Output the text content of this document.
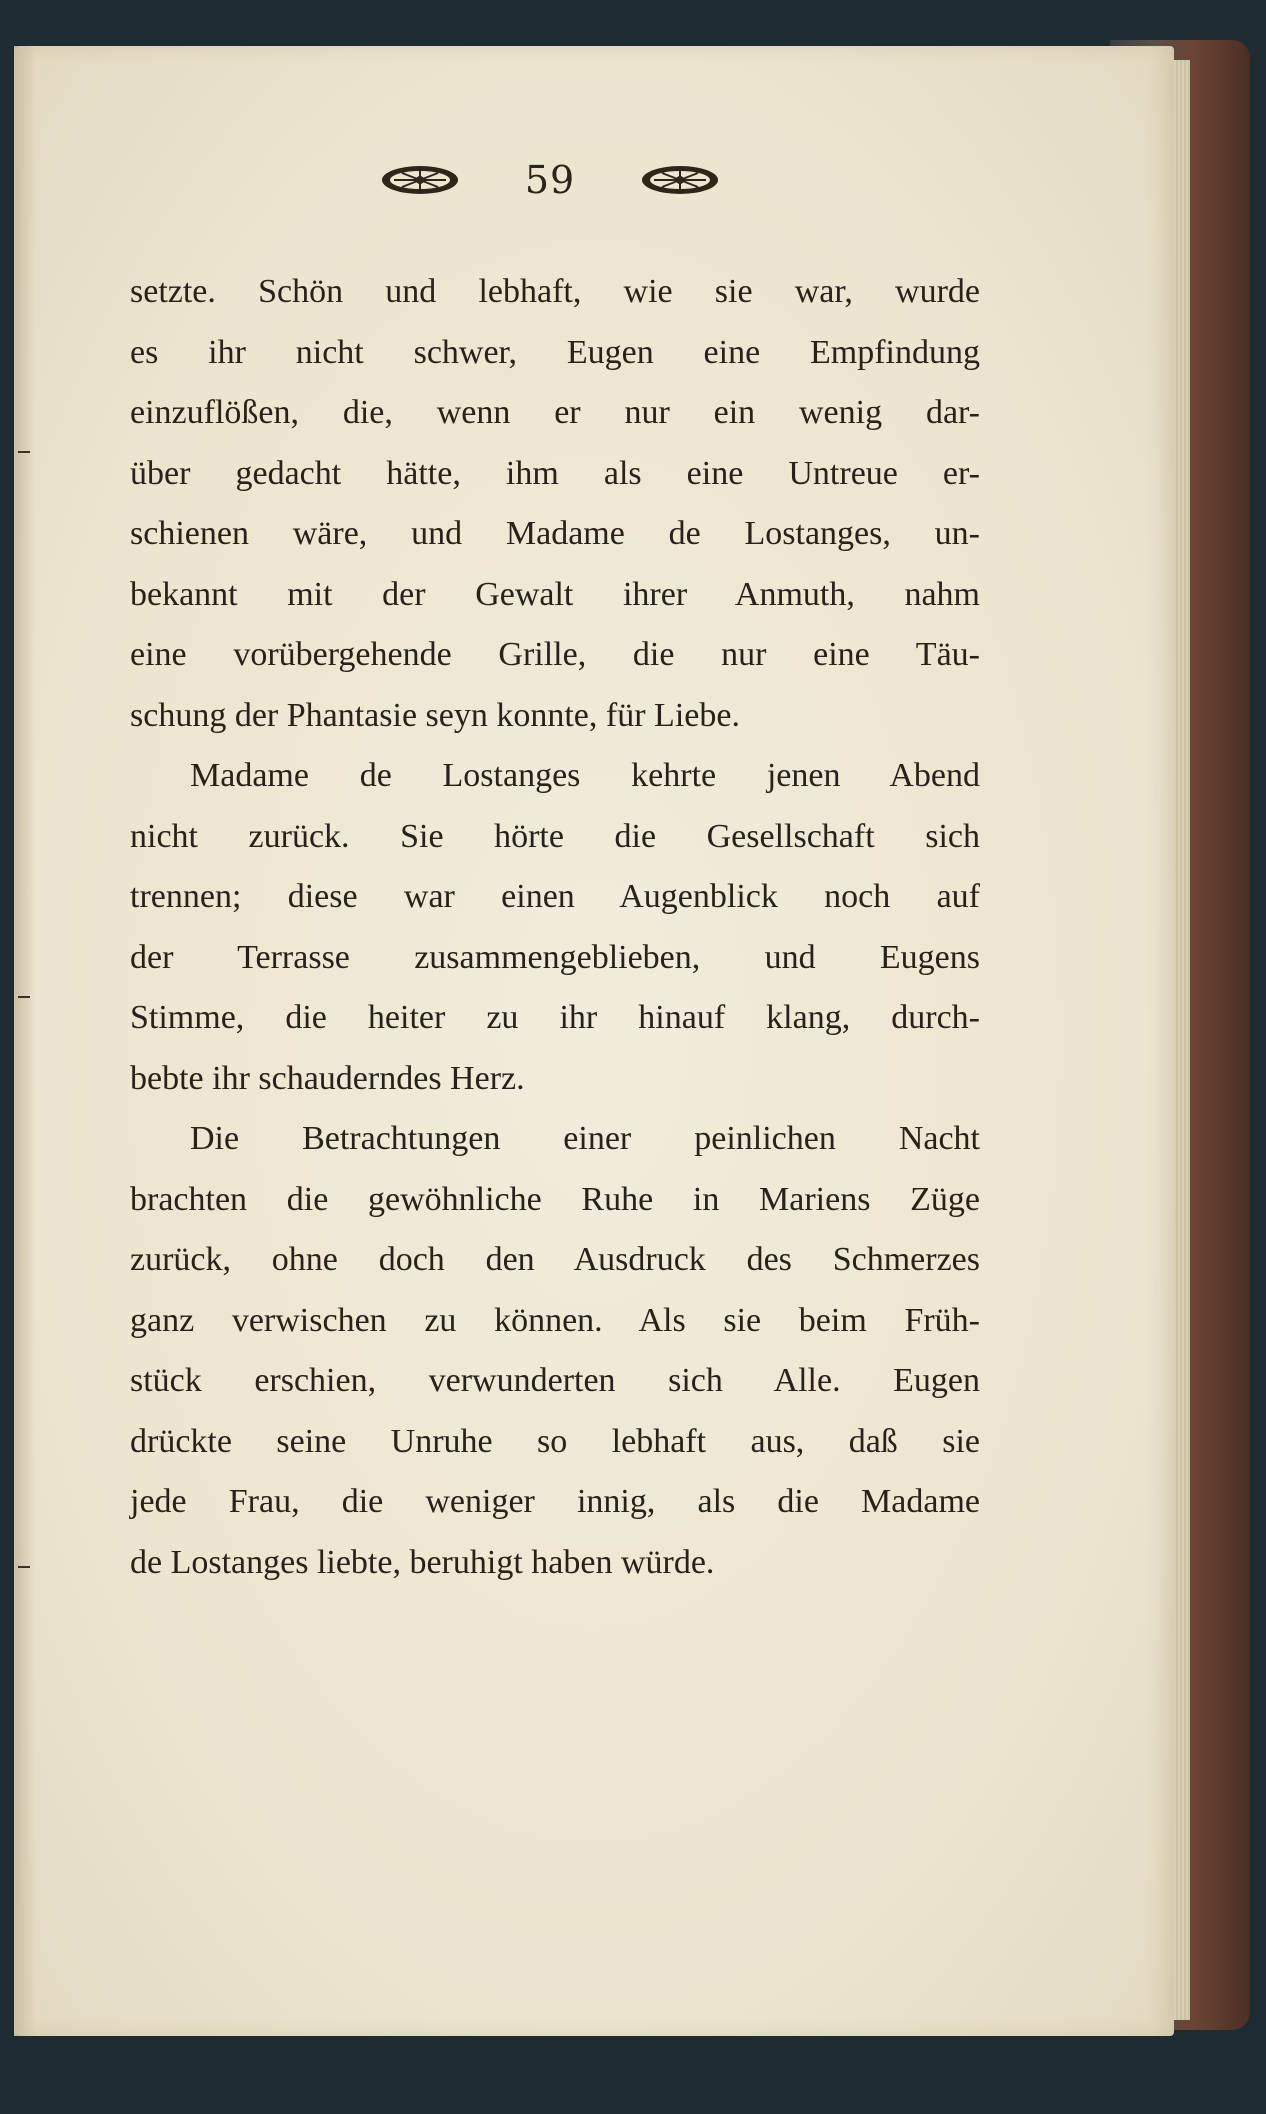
59

setzte. Schön und lebhaft, wie sie war, wurde
es ihr nicht schwer, Eugen eine Empfindung
einzuflößen, die, wenn er nur ein wenig dar-
über gedacht hätte, ihm als eine Untreue er-
schienen wäre, und Madame de Lostanges, un-
bekannt mit der Gewalt ihrer Anmuth, nahm
eine vorübergehende Grille, die nur eine Täu-
schung der Phantasie seyn konnte, für Liebe.

Madame de Lostanges kehrte jenen Abend
nicht zurück. Sie hörte die Gesellschaft sich
trennen; diese war einen Augenblick noch auf
der Terrasse zusammengeblieben, und Eugens
Stimme, die heiter zu ihr hinauf klang, durch-
bebte ihr schauderndes Herz.

Die Betrachtungen einer peinlichen Nacht
brachten die gewöhnliche Ruhe in Mariens Züge
zurück, ohne doch den Ausdruck des Schmerzes
ganz verwischen zu können. Als sie beim Früh-
stück erschien, verwunderten sich Alle. Eugen
drückte seine Unruhe so lebhaft aus, daß sie
jede Frau, die weniger innig, als die Madame
de Lostanges liebte, beruhigt haben würde.
